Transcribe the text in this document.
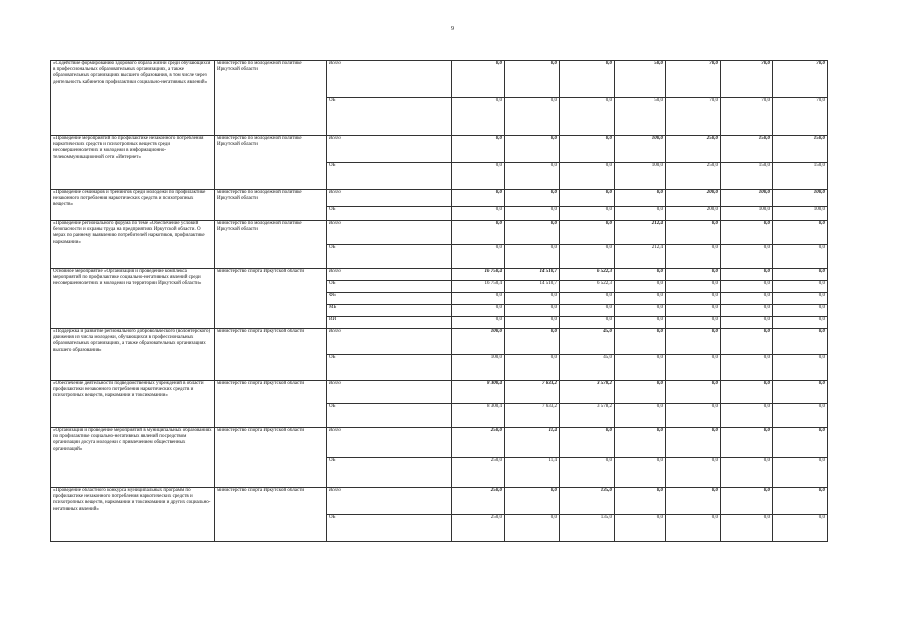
9
«Содействие формированию здорового образа жизни среди обучающихся в профессиональных образовательных организациях, а также образовательных организациях высшего образования, в том числе через деятельность кабинетов профилактики социально-негативных явлений»	министерство по молодежной политике Иркутской области	Всего	0,0	0,0	0,0	50,0	70,0	70,0	70,0
		ОБ	0,0	0,0	0,0	50,0	70,0	70,0	70,0
«Проведение мероприятий по профилактике незаконного потребления наркотических средств и психотропных веществ среди несовершеннолетних и молодежи в информационно-телекоммуникационной сети «Интернет»	министерство по молодежной политике Иркутской области	Всего	0,0	0,0	0,0	100,0	250,0	150,0	150,0
		ОБ	0,0	0,0	0,0	100,0	250,0	150,0	150,0
«Проведение семинаров и тренингов среди молодежи по профилактике незаконного потребления наркотических средств и психотропных веществ»	министерство по молодежной политике Иркутской области	Всего	0,0	0,0	0,0	0,0	200,0	100,0	100,0
		ОБ	0,0	0,0	0,0	0,0	200,0	100,0	100,0
«Проведение регионального форума по теме «Обеспечение условий безопасности и охраны труда на предприятиях Иркутской области. О мерах по раннему выявлению потребителей наркотиков, профилактике наркомании»	министерство по молодежной политике Иркутской области	Всего	0,0	0,0	0,0	212,4	0,0	0,0	0,0
		ОБ	0,0	0,0	0,0	212,4	0,0	0,0	0,0
Основное мероприятие «Организация и проведение комплекса мероприятий по профилактике социально-негативных явлений среди несовершеннолетних и молодежи на территории Иркутской области»	министерство спорта Иркутской области	Всего	16 750,4	14 510,7	6 522,3	0,0	0,0	0,0	0,0
		ОБ	16 750,4	14 510,7	6 522,3	0,0	0,0	0,0	0,0
		ФБ	0,0	0,0	0,0	0,0	0,0	0,0	0,0
		МБ	0,0	0,0	0,0	0,0	0,0	0,0	0,0
		ИИ	0,0	0,0	0,0	0,0	0,0	0,0	0,0
«Поддержка и развитие регионального добровольческого (волонтерского) движения из числа молодежи, обучающихся в профессиональных образовательных организациях, а также образовательных организациях высшего образования»	министерство спорта Иркутской области	Всего	100,0	0,0	45,0	0,0	0,0	0,0	0,0
		ОБ	100,0	0,0	45,0	0,0	0,0	0,0	0,0
«Обеспечение деятельности подведомственных учреждений в области профилактики незаконного потребления наркотических средств и психотропных веществ, наркомании и токсикомании»	министерство спорта Иркутской области	Всего	8 300,4	7 633,2	3 578,2	0,0	0,0	0,0	0,0
		ОБ	8 300,4	7 633,2	3 578,2	0,0	0,0	0,0	0,0
«Организация и проведение мероприятий в муниципальных образованиях по профилактике социально-негативных явлений посредством организации досуга молодежи с привлечением общественных организаций»	министерство спорта Иркутской области	Всего	250,0	11,4	0,0	0,0	0,0	0,0	0,0
		ОБ	250,0	11,4	0,0	0,0	0,0	0,0	0,0
«Проведение областного конкурса муниципальных программ по профилактике незаконного потребления наркотических средств и психотропных веществ, наркомании и токсикомании и других социально-негативных явлений»	министерство спорта Иркутской области	Всего	250,0	0,0	135,0	0,0	0,0	0,0	0,0
		ОБ	250,0	0,0	135,0	0,0	0,0	0,0	0,0
